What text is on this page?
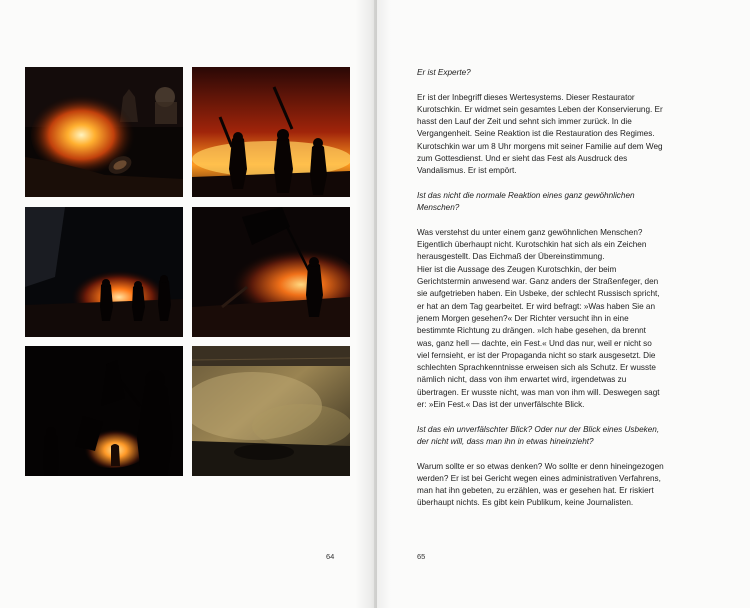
64	65

Er ist Experte?

Er ist der Inbegriff dieses Wertesystems. Dieser Restaurator Kurotschkin. Er widmet sein gesamtes Leben der Konservierung. Er hasst den Lauf der Zeit und sehnt sich immer zurück. In die Vergangenheit. Seine Reaktion ist die Restauration des Regimes. Kurotschkin war um 8 Uhr morgens mit seiner Familie auf dem Weg zum Gottesdienst. Und er sieht das Fest als Ausdruck des Vandalismus. Er ist empört.

Ist das nicht die normale Reaktion eines ganz gewöhnlichen Menschen?

Was verstehst du unter einem ganz gewöhnlichen Menschen? Eigentlich überhaupt nicht. Kurotschkin hat sich als ein Zeichen herausgestellt. Das Eichmaß der Übereinstimmung.

Hier ist die Aussage des Zeugen Kurotschkin, der beim Gerichtstermin anwesend war. Ganz anders der Straßenfeger, den sie aufgetrieben haben. Ein Usbeke, der schlecht Russisch spricht, er hat an dem Tag gearbeitet. Er wird befragt: »Was haben Sie an jenem Morgen gesehen?« Der Richter versucht ihn in eine bestimmte Richtung zu drängen. »Ich habe gesehen, da brennt was, ganz hell — dachte, ein Fest.« Und das nur, weil er nicht so viel fernsieht, er ist der Propaganda nicht so stark ausgesetzt. Die schlechten Sprachkenntnisse erweisen sich als Schutz. Er wusste nämlich nicht, dass von ihm erwartet wird, irgendetwas zu übertragen. Er wusste nicht, was man von ihm will. Deswegen sagt er: »Ein Fest.« Das ist der unverfälschte Blick.

Ist das ein unverfälschter Blick? Oder nur der Blick eines Usbeken, der nicht will, dass man ihn in etwas hineinzieht?

Warum sollte er so etwas denken? Wo sollte er denn hineingezogen werden? Er ist bei Gericht wegen eines administrativen Verfahrens, man hat ihn gebeten, zu erzählen, was er gesehen hat. Er riskiert überhaupt nichts. Es gibt kein Publikum, keine Journalisten.
